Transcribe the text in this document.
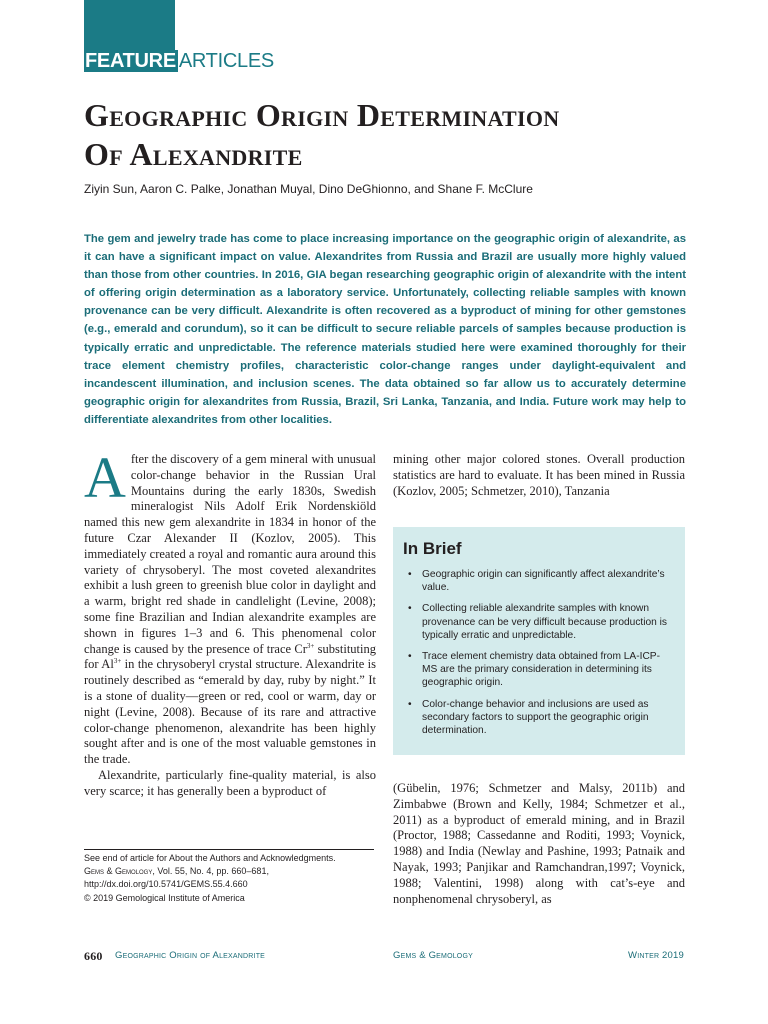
FEATURE ARTICLES
Geographic Origin Determination
Of Alexandrite
Ziyin Sun, Aaron C. Palke, Jonathan Muyal, Dino DeGhionno, and Shane F. McClure
The gem and jewelry trade has come to place increasing importance on the geographic origin of alexandrite, as it can have a significant impact on value. Alexandrites from Russia and Brazil are usually more highly valued than those from other countries. In 2016, GIA began researching geographic origin of alexandrite with the intent of offering origin determination as a laboratory service. Unfortunately, collecting reliable samples with known provenance can be very difficult. Alexandrite is often recovered as a byproduct of mining for other gemstones (e.g., emerald and corundum), so it can be difficult to secure reliable parcels of samples because production is typically erratic and unpredictable. The reference materials studied here were examined thoroughly for their trace element chemistry profiles, characteristic color-change ranges under daylight-equivalent and incandescent illumination, and inclusion scenes. The data obtained so far allow us to accurately determine geographic origin for alexandrites from Russia, Brazil, Sri Lanka, Tanzania, and India. Future work may help to differentiate alexandrites from other localities.

After the discovery of a gem mineral with unusual color-change behavior in the Russian Ural Mountains during the early 1830s, Swedish mineralogist Nils Adolf Erik Nordenskiöld named this new gem alexandrite in 1834 in honor of the future Czar Alexander II (Kozlov, 2005). This immediately created a royal and romantic aura around this variety of chrysoberyl. The most coveted alexandrites exhibit a lush green to greenish blue color in daylight and a warm, bright red shade in candlelight (Levine, 2008); some fine Brazilian and Indian alexandrite examples are shown in figures 1–3 and 6. This phenomenal color change is caused by the presence of trace $Cr^{3+}$ substituting for $Al^{3+}$ in the chrysoberyl crystal structure. Alexandrite is routinely described as “emerald by day, ruby by night.” It is a stone of duality—green or red, cool or warm, day or night (Levine, 2008). Because of its rare and attractive color-change phenomenon, alexandrite has been highly sought after and is one of the most valuable gemstones in the trade.

Alexandrite, particularly fine-quality material, is also very scarce; it has generally been a byproduct of

mining other major colored stones. Overall production statistics are hard to evaluate. It has been mined in Russia (Kozlov, 2005; Schmetzer, 2010), Tanzania
In Brief
• Geographic origin can significantly affect alexandrite’s value.
• Collecting reliable alexandrite samples with known provenance can be very difficult because production is typically erratic and unpredictable.
• Trace element chemistry data obtained from LA-ICP-MS are the primary consideration in determining its geographic origin.
• Color-change behavior and inclusions are used as secondary factors to support the geographic origin determination.
(Gübelin, 1976; Schmetzer and Malsy, 2011b) and Zimbabwe (Brown and Kelly, 1984; Schmetzer et al., 2011) as a byproduct of emerald mining, and in Brazil (Proctor, 1988; Cassedanne and Roditi, 1993; Voynick, 1988) and India (Newlay and Pashine, 1993; Patnaik and Nayak, 1993; Panjikar and Ramchandran,1997; Voynick, 1988; Valentini, 1998) along with cat’s-eye and nonphenomenal chrysoberyl, as
See end of article for About the Authors and Acknowledgments.
Gems & Gemology, Vol. 55, No. 4, pp. 660–681,
http://dx.doi.org/10.5741/GEMS.55.4.660
© 2019 Gemological Institute of America
660 Geographic Origin of Alexandrite	Gems & Gemology	Winter 2019
